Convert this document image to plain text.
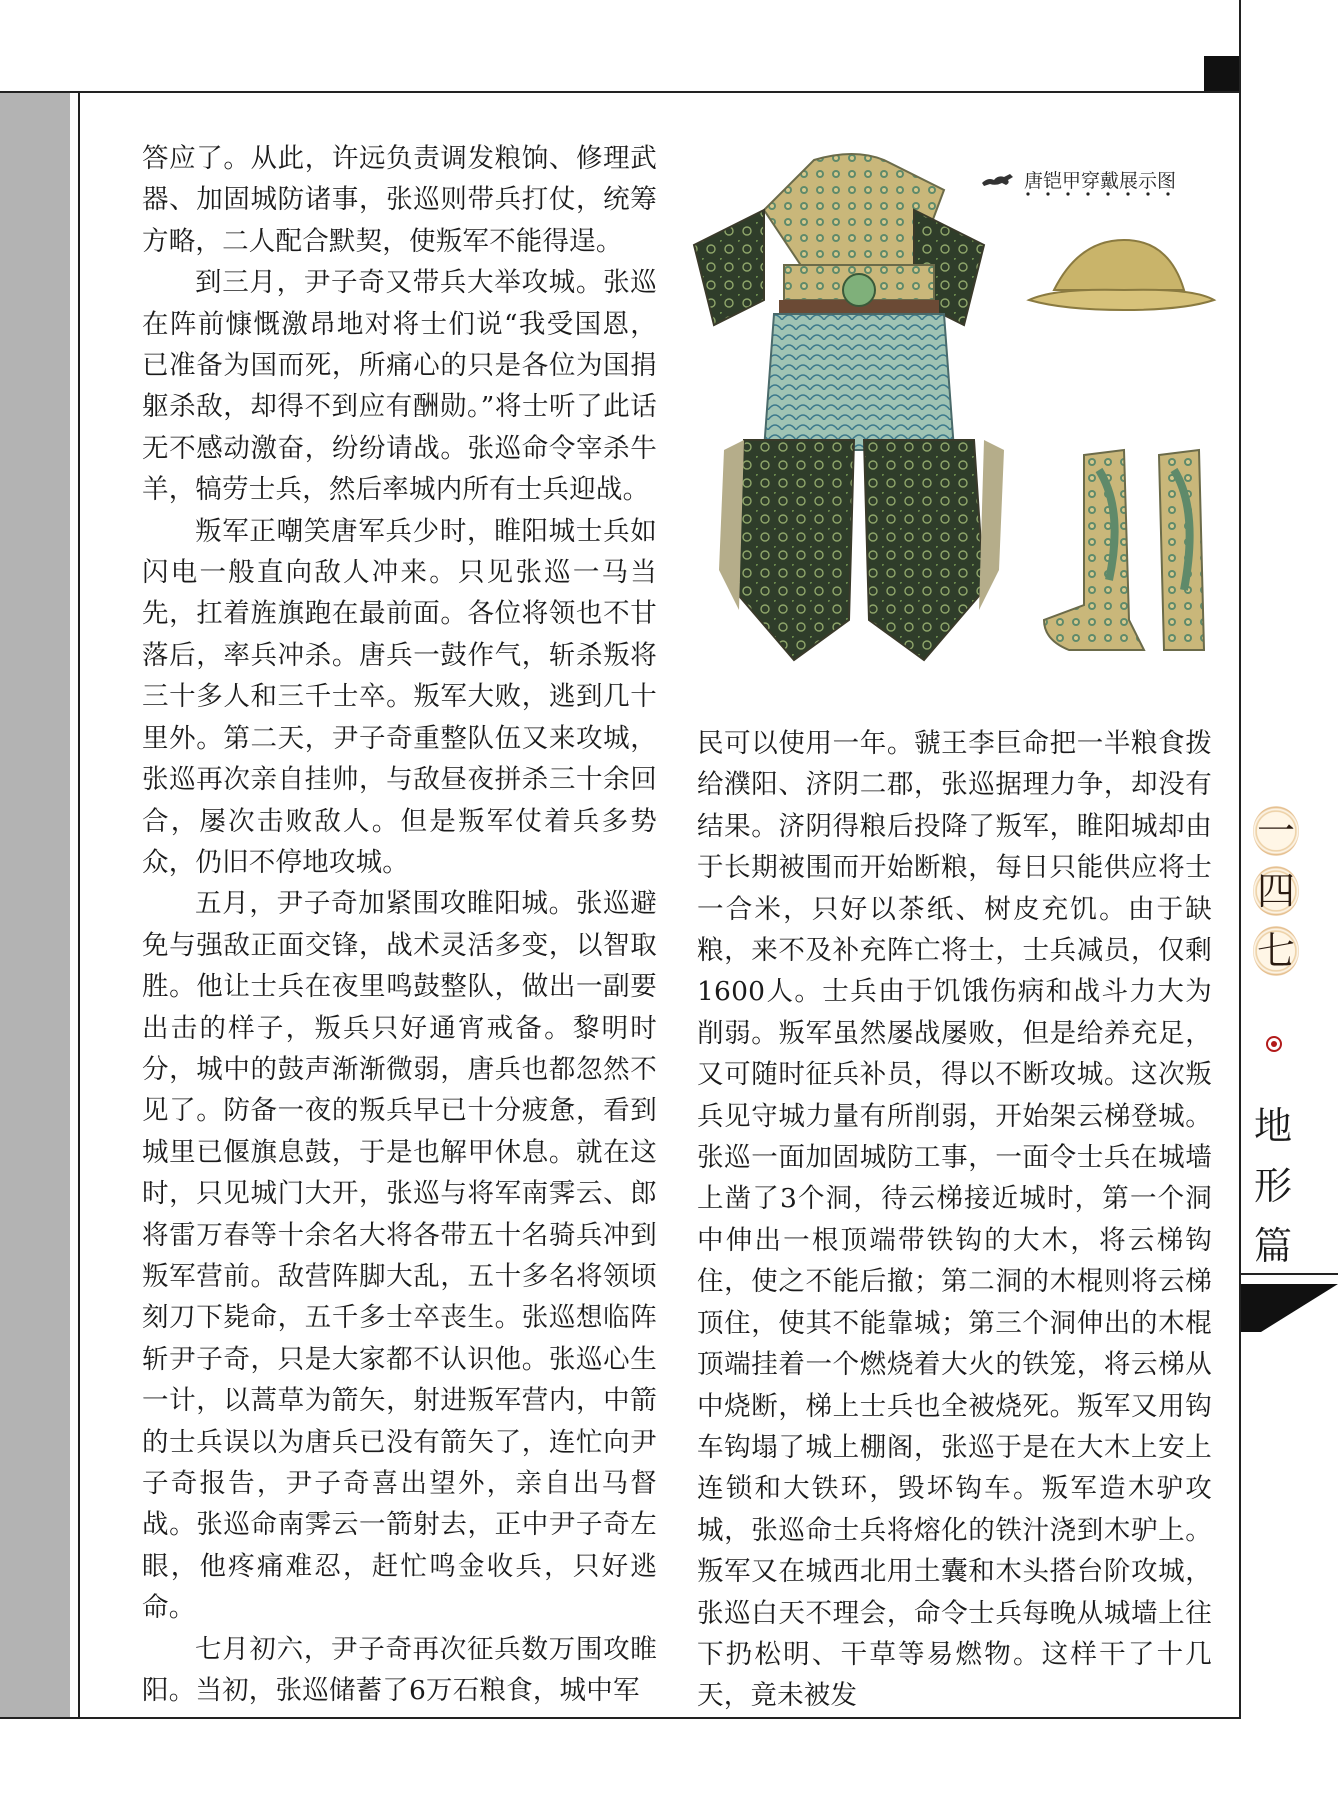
答应了。从此，许远负责调发粮饷、修理武器、加固城防诸事，张巡则带兵打仗，统筹方略，二人配合默契，使叛军不能得逞。

到三月，尹子奇又带兵大举攻城。张巡在阵前慷慨激昂地对将士们说“我受国恩，已准备为国而死，所痛心的只是各位为国捐躯杀敌，却得不到应有酬勋。”将士听了此话无不感动激奋，纷纷请战。张巡命令宰杀牛羊，犒劳士兵，然后率城内所有士兵迎战。

叛军正嘲笑唐军兵少时，睢阳城士兵如闪电一般直向敌人冲来。只见张巡一马当先，扛着旌旗跑在最前面。各位将领也不甘落后，率兵冲杀。唐兵一鼓作气，斩杀叛将三十多人和三千士卒。叛军大败，逃到几十里外。第二天，尹子奇重整队伍又来攻城，张巡再次亲自挂帅，与敌昼夜拼杀三十余回合，屡次击败敌人。但是叛军仗着兵多势众，仍旧不停地攻城。

五月，尹子奇加紧围攻睢阳城。张巡避免与强敌正面交锋，战术灵活多变，以智取胜。他让士兵在夜里鸣鼓整队，做出一副要出击的样子，叛兵只好通宵戒备。黎明时分，城中的鼓声渐渐微弱，唐兵也都忽然不见了。防备一夜的叛兵早已十分疲惫，看到城里已偃旗息鼓，于是也解甲休息。就在这时，只见城门大开，张巡与将军南霁云、郎将雷万春等十余名大将各带五十名骑兵冲到叛军营前。敌营阵脚大乱，五十多名将领顷刻刀下毙命，五千多士卒丧生。张巡想临阵斩尹子奇，只是大家都不认识他。张巡心生一计，以蒿草为箭矢，射进叛军营内，中箭的士兵误以为唐兵已没有箭矢了，连忙向尹子奇报告，尹子奇喜出望外，亲自出马督战。张巡命南霁云一箭射去，正中尹子奇左眼，他疼痛难忍，赶忙鸣金收兵，只好逃命。

七月初六，尹子奇再次征兵数万围攻睢阳。当初，张巡储蓄了6万石粮食，城中军

民可以使用一年。虢王李巨命把一半粮食拨给濮阳、济阴二郡，张巡据理力争，却没有结果。济阴得粮后投降了叛军，睢阳城却由于长期被围而开始断粮，每日只能供应将士一合米，只好以茶纸、树皮充饥。由于缺粮，来不及补充阵亡将士，士兵减员，仅剩1600人。士兵由于饥饿伤病和战斗力大为削弱。叛军虽然屡战屡败，但是给养充足，又可随时征兵补员，得以不断攻城。这次叛兵见守城力量有所削弱，开始架云梯登城。张巡一面加固城防工事，一面令士兵在城墙上凿了3个洞，待云梯接近城时，第一个洞中伸出一根顶端带铁钩的大木，将云梯钩住，使之不能后撤；第二洞的木棍则将云梯顶住，使其不能靠城；第三个洞伸出的木棍顶端挂着一个燃烧着大火的铁笼，将云梯从中烧断，梯上士兵也全被烧死。叛军又用钩车钩塌了城上棚阁，张巡于是在大木上安上连锁和大铁环，毁坏钩车。叛军造木驴攻城，张巡命士兵将熔化的铁汁浇到木驴上。叛军又在城西北用土囊和木头搭台阶攻城，张巡白天不理会，命令士兵每晚从城墙上往下扔松明、干草等易燃物。这样干了十几天，竟未被发

唐铠甲穿戴展示图
一
四
七
地
形
篇
